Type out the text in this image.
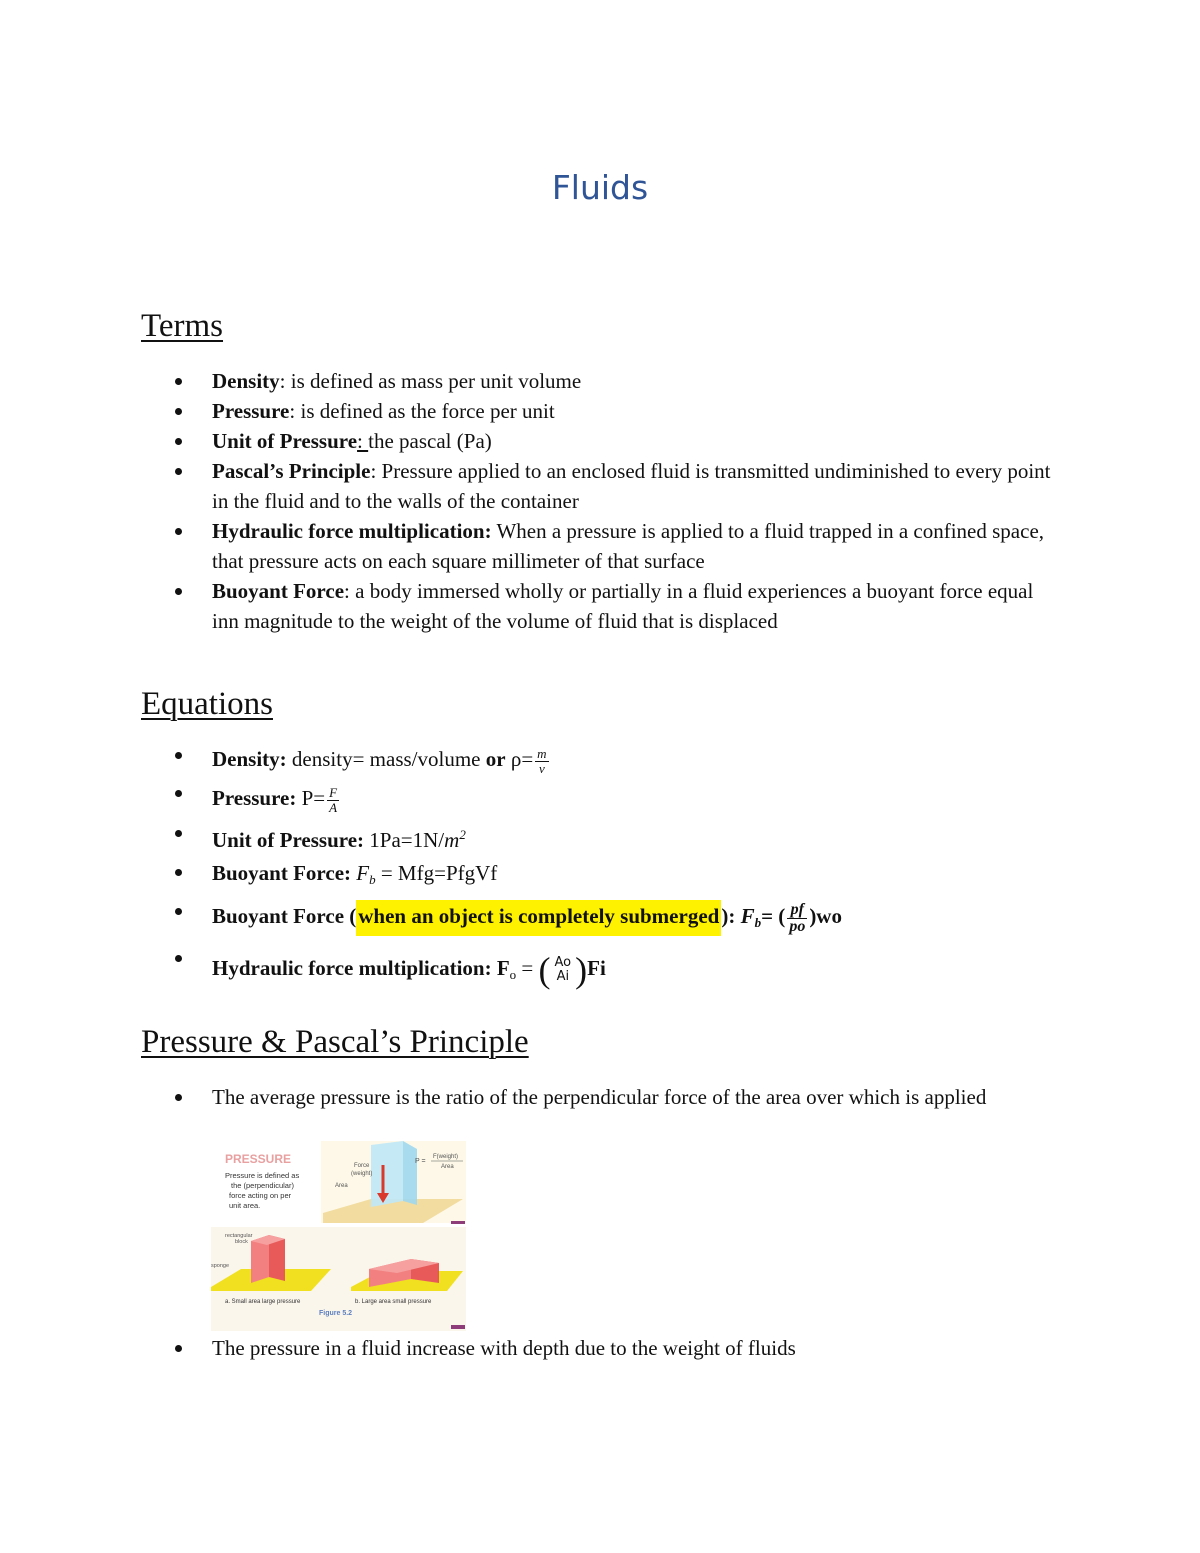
Fluids
Terms
Density: is defined as mass per unit volume
Pressure: is defined as the force per unit
Unit of Pressure: the pascal (Pa)
Pascal’s Principle: Pressure applied to an enclosed fluid is transmitted undiminished to every point in the fluid and to the walls of the container
Hydraulic force multiplication: When a pressure is applied to a fluid trapped in a confined space, that pressure acts on each square millimeter of that surface
Buoyant Force: a body immersed wholly or partially in a fluid experiences a buoyant force equal inn magnitude to the weight of the volume of fluid that is displaced
Equations
Density: density= mass/volume or $\rho= \frac{m}{v}$
Pressure: $P= \frac{F}{A}$
Unit of Pressure: $1Pa=1N/m^2$
Buoyant Force: $F_b$ = Mfg=PfgVf
Buoyant Force (when an object is completely submerged): $F_b=$ ( $\frac{pf}{po} )wo$
Hydraulic force multiplication: $F_o$ = ( Ao
Ai )Fi
Pressure & Pascal’s Principle
The average pressure is the ratio of the perpendicular force of the area over which is applied
PRESSURE
Pressure is defined as
the (perpendicular)
force acting on per
unit area.
Force
(weight)
Area
P =
F(weight)
Area
rectangular
block
sponge
a. Small area large pressure	b. Large area small pressure
Figure 5.2
The pressure in a fluid increase with depth due to the weight of fluids
